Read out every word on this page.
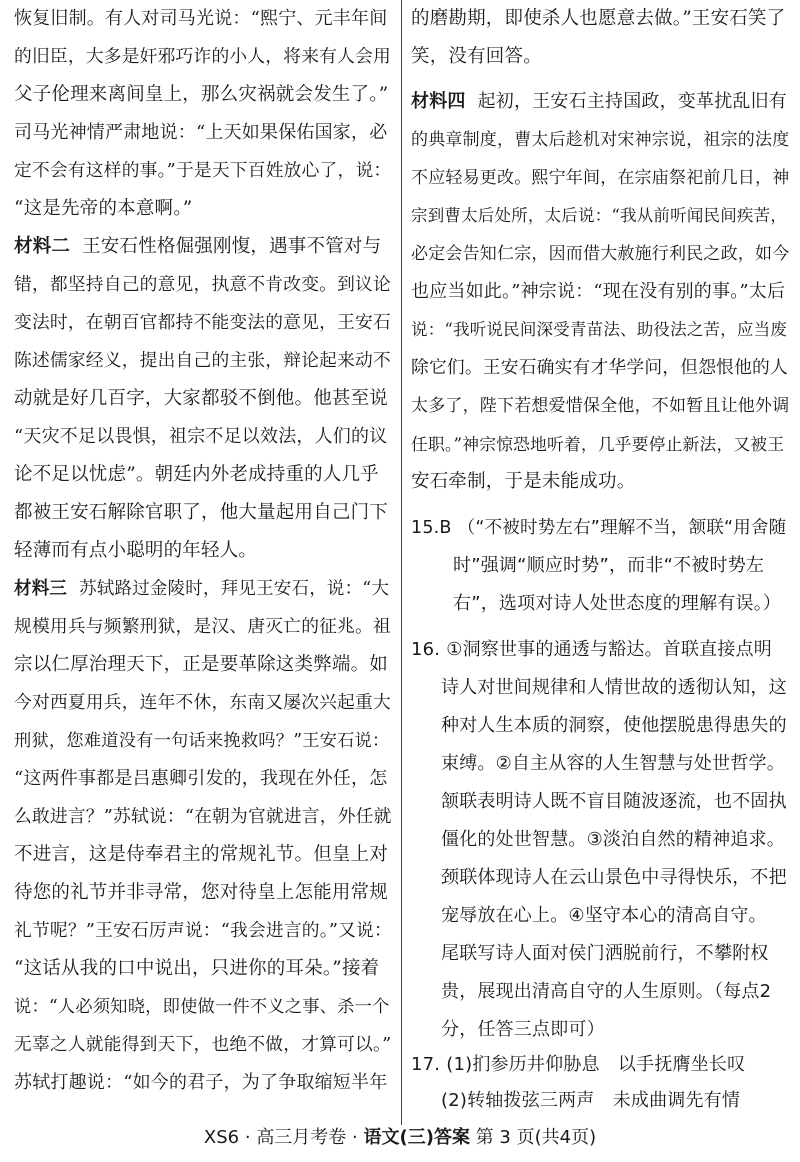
恢复旧制。有人对司马光说：“熙宁、元丰年间
的旧臣，大多是奸邪巧诈的小人，将来有人会用
父子伦理来离间皇上，那么灾祸就会发生了。”
司马光神情严肃地说：“上天如果保佑国家，必
定不会有这样的事。”于是天下百姓放心了，说：
“这是先帝的本意啊。”
材料二 王安石性格倔强刚愎，遇事不管对与
错，都坚持自己的意见，执意不肯改变。到议论
变法时，在朝百官都持不能变法的意见，王安石
陈述儒家经义，提出自己的主张，辩论起来动不
动就是好几百字，大家都驳不倒他。他甚至说
“天灾不足以畏惧，祖宗不足以效法，人们的议
论不足以忧虑”。朝廷内外老成持重的人几乎
都被王安石解除官职了，他大量起用自己门下
轻薄而有点小聪明的年轻人。
材料三 苏轼路过金陵时，拜见王安石，说：“大
规模用兵与频繁刑狱，是汉、唐灭亡的征兆。祖
宗以仁厚治理天下，正是要革除这类弊端。如
今对西夏用兵，连年不休，东南又屡次兴起重大
刑狱，您难道没有一句话来挽救吗？”王安石说：
“这两件事都是吕惠卿引发的，我现在外任，怎
么敢进言？”苏轼说：“在朝为官就进言，外任就
不进言，这是侍奉君主的常规礼节。但皇上对
待您的礼节并非寻常，您对待皇上怎能用常规
礼节呢？”王安石厉声说：“我会进言的。”又说：
“这话从我的口中说出，只进你的耳朵。”接着
说：“人必须知晓，即使做一件不义之事、杀一个
无辜之人就能得到天下，也绝不做，才算可以。”
苏轼打趣说：“如今的君子，为了争取缩短半年
的磨勘期，即使杀人也愿意去做。”王安石笑了
笑，没有回答。
材料四 起初，王安石主持国政，变革扰乱旧有
的典章制度，曹太后趁机对宋神宗说，祖宗的法度
不应轻易更改。熙宁年间，在宗庙祭祀前几日，神
宗到曹太后处所，太后说：“我从前听闻民间疾苦，
必定会告知仁宗，因而借大赦施行利民之政，如今
也应当如此。”神宗说：“现在没有别的事。”太后
说：“我听说民间深受青苗法、助役法之苦，应当废
除它们。王安石确实有才华学问，但怨恨他的人
太多了，陛下若想爱惜保全他，不如暂且让他外调
任职。”神宗惊恐地听着，几乎要停止新法，又被王
安石牵制，于是未能成功。
15.B （“不被时势左右”理解不当，颔联“用舍随
时”强调“顺应时势”，而非“不被时势左
右”，选项对诗人处世态度的理解有误。）
16. ①洞察世事的通透与豁达。首联直接点明
诗人对世间规律和人情世故的透彻认知，这
种对人生本质的洞察，使他摆脱患得患失的
束缚。②自主从容的人生智慧与处世哲学。
颔联表明诗人既不盲目随波逐流，也不固执
僵化的处世智慧。③淡泊自然的精神追求。
颈联体现诗人在云山景色中寻得快乐，不把
宠辱放在心上。④坚守本心的清高自守。
尾联写诗人面对侯门洒脱前行，不攀附权
贵，展现出清高自守的人生原则。（每点2
分，任答三点即可）
17. (1)扪参历井仰胁息　以手抚膺坐长叹
(2)转轴拨弦三两声　未成曲调先有情
XS6 · 高三月考卷 · 语文(三)答案 第 3 页(共4页)
